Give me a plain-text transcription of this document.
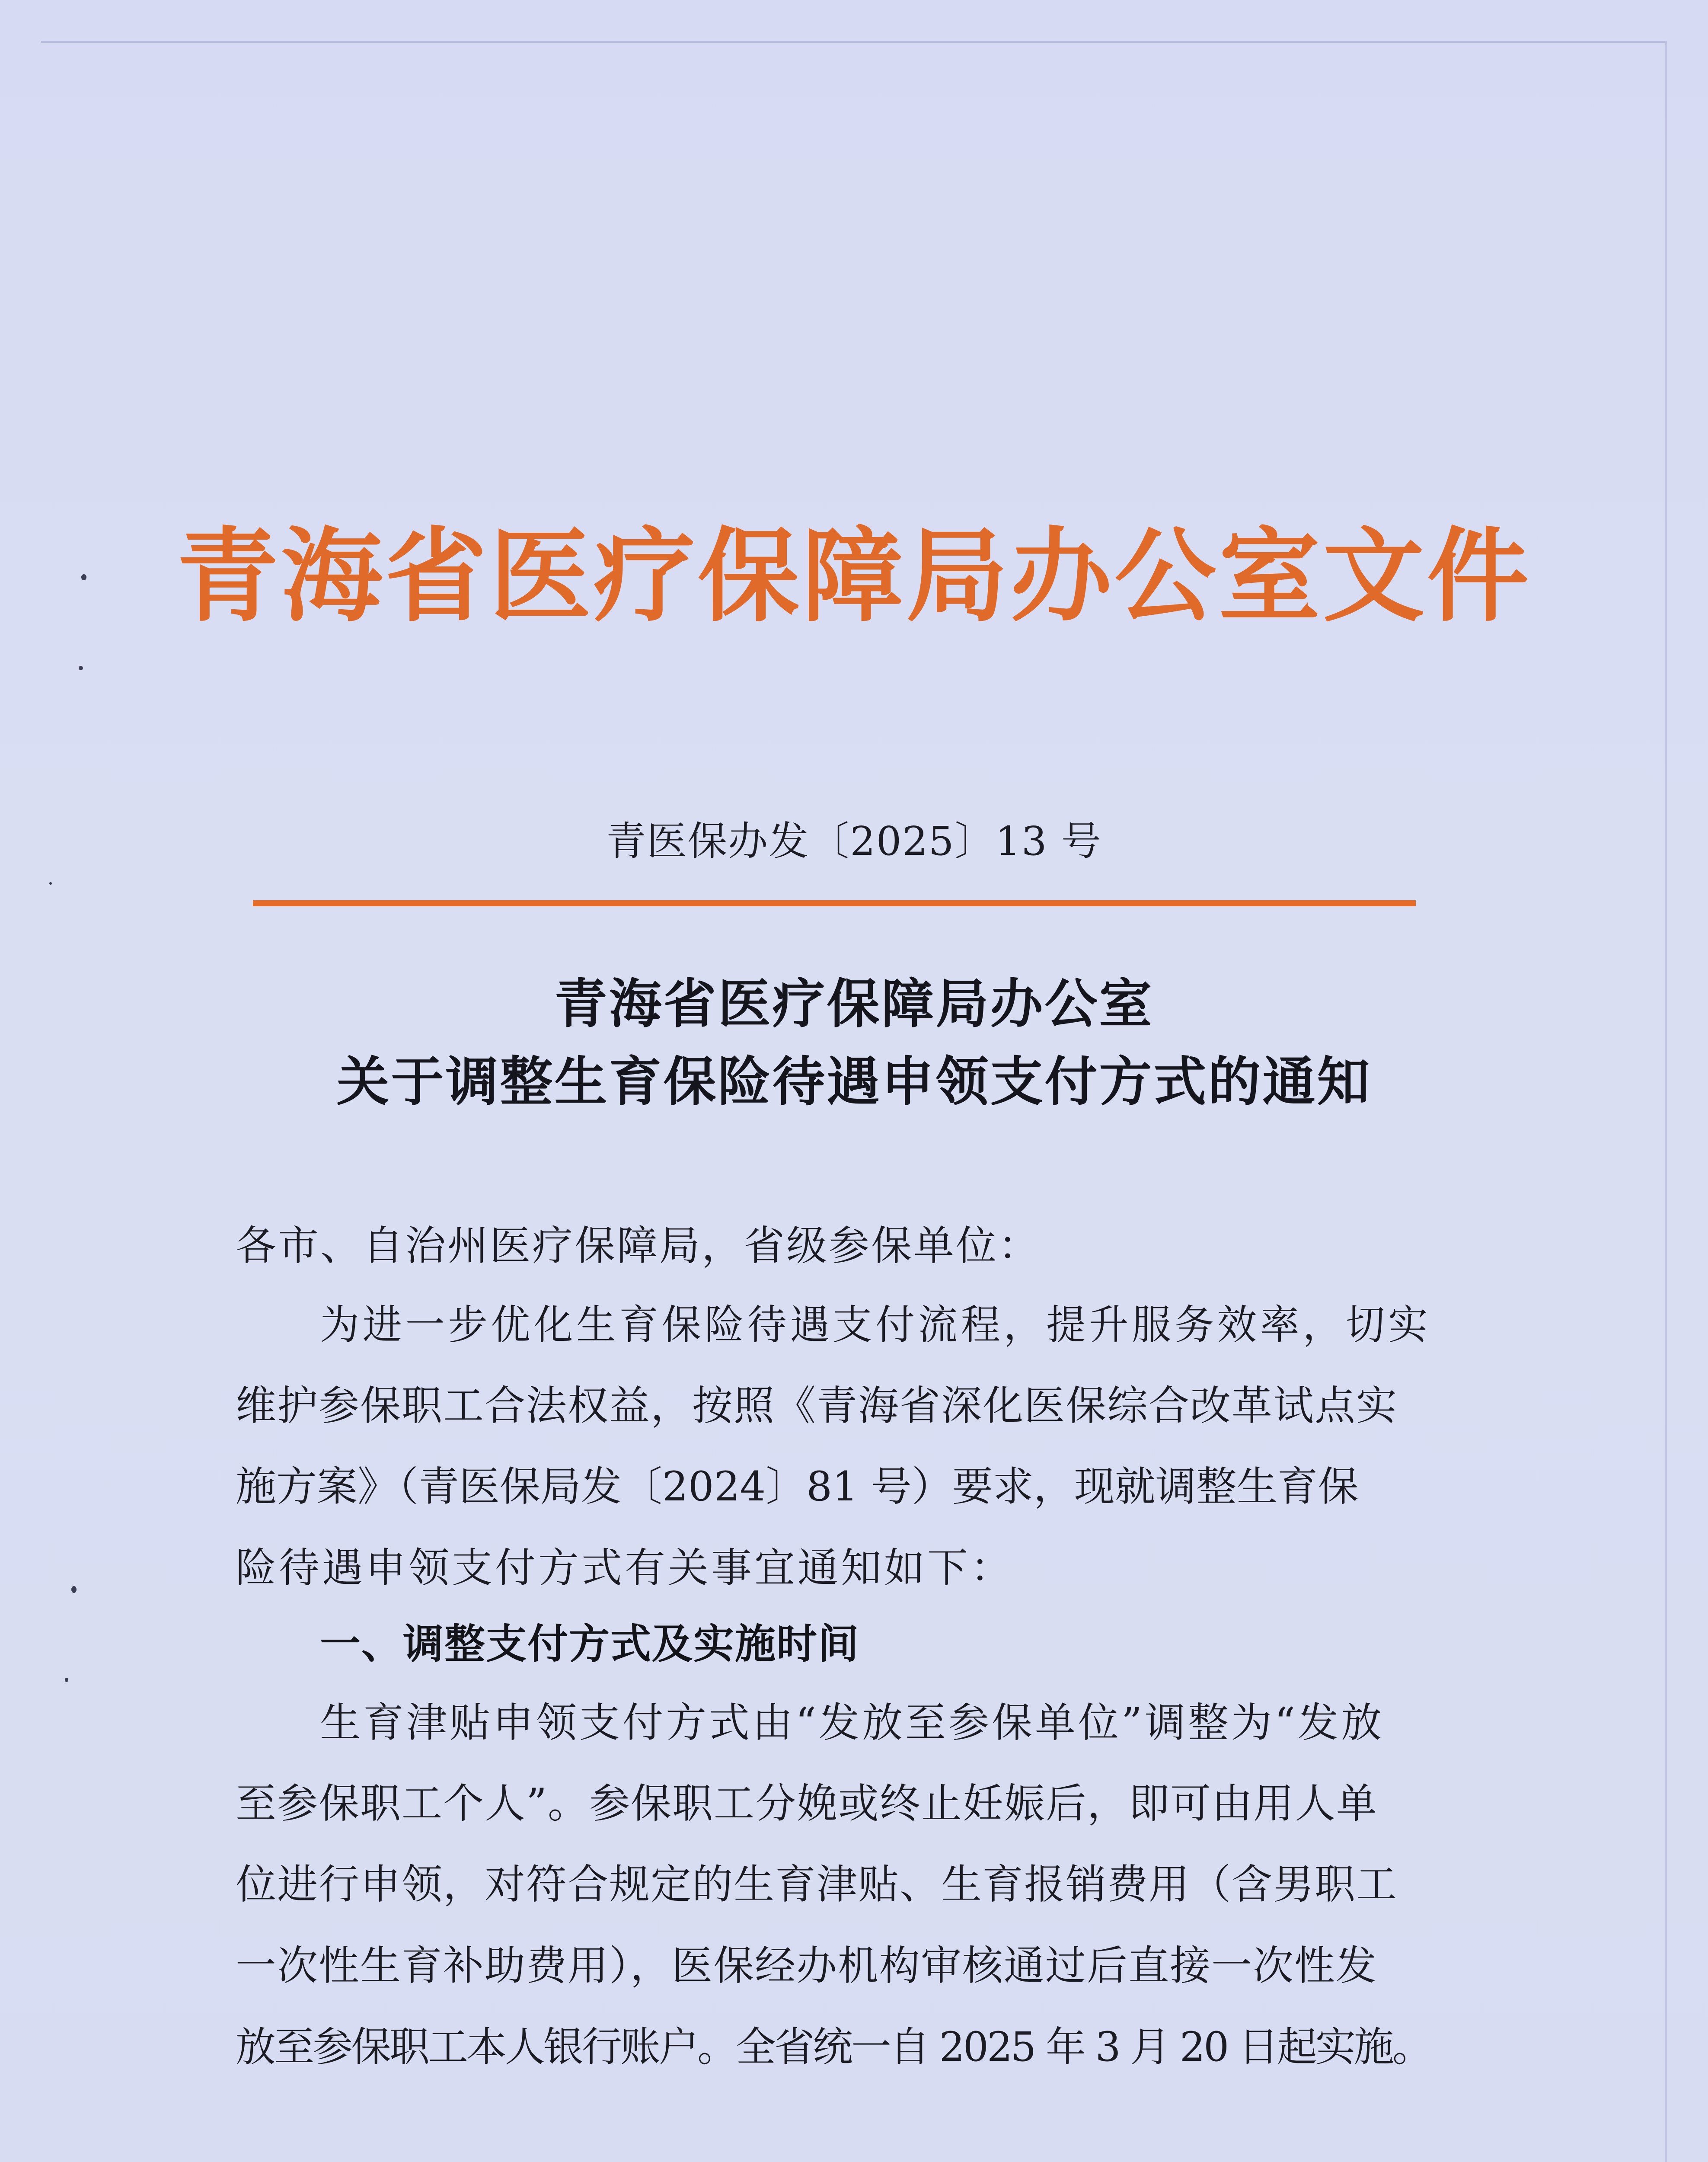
青海省医疗保障局办公室文件
青医保办发〔2025〕13 号
青海省医疗保障局办公室
关于调整生育保险待遇申领支付方式的通知
各市、自治州医疗保障局，省级参保单位：
为进一步优化生育保险待遇支付流程，提升服务效率，切实
维护参保职工合法权益，按照《青海省深化医保综合改革试点实
施方案》（青医保局发〔2024〕81 号）要求，现就调整生育保
险待遇申领支付方式有关事宜通知如下：
一、调整支付方式及实施时间
生育津贴申领支付方式由“发放至参保单位”调整为“发放
至参保职工个人”。参保职工分娩或终止妊娠后，即可由用人单
位进行申领，对符合规定的生育津贴、生育报销费用（含男职工
一次性生育补助费用），医保经办机构审核通过后直接一次性发
放至参保职工本人银行账户。全省统一自 2025 年 3 月 20 日起实施。
